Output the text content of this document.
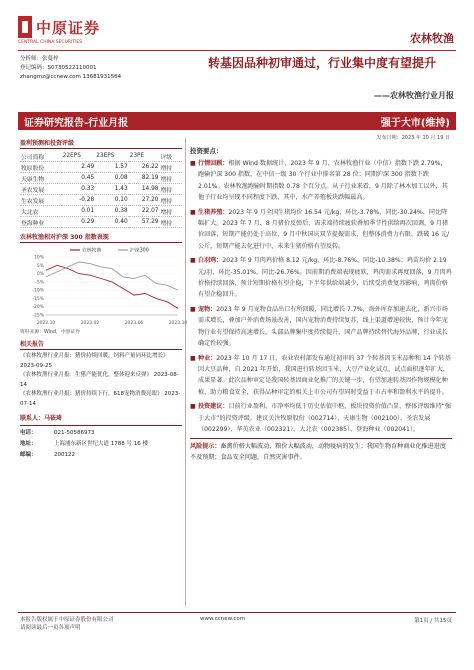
中原证券
CENTRAL CHINA SECURITIES	农林牧渔
分析师：张蔓梓
登记编码：S0730522110001
zhangmz@ccnew.com 13681931564
转基因品种初审通过，行业集中度有望提升
——农林牧渔行业月报
证券研究报告-行业月报	强于大市(维持)
发布日期：2023 年 10 月 19 日
盈利预测和投资评级
公司简称	22EPS	23EPS	23PE	评级
牧原股份	2.49	1.57	26.22	增持
天康生物	0.45	0.08	82.19	增持
圣农发展	0.33	1.43	14.98	增持
生农发展	-0.28	0.10	27.20	增持
大北农	0.01	0.38	22.07	增持
登海种业	0.29	0.40	57.29	增持
农林牧渔相对沪深 300 指数表现
10%
5%
0%
-5%
-10%
-15%
-20%
-25%
2022.10	2023.02	2023.06	2023.10
农林牧渔	沪深300
资料来源：Wind，中原证券
相关报告
《农林牧渔行业月报：猪价持续回暖，饲料产量同环比增长》 2023-09-25
《农林牧渔行业月报：生猪产能优化，整体迎来反弹》 2023-08-14
《农林牧渔行业月报：猪价持续下行，618宠物消费亮眼》 2023-07-14
联系人：马嵚琦
电话：	021-50586973
地址：	上海浦东新区世纪大道 1788 号 16 楼
邮编：	200122
投资要点：
■ 行情回顾：根据 Wind 数据统计，2023 年 9 月，农林牧渔行业（中信）指数下跌 2.79%，跑输沪深 300 指数，在中信一级 30 个行业中排名第 28 位；同期沪深 300 指数下跌 2.01%。农林牧渔跑输时期指数 0.78 个百分点。从子行业来看，9 月除了林木加工以外，其他子行业均呈现不同程度下跌，其中，水产养殖板块跌幅最高。
■ 生猪养殖：2023 年 9 月全国生猪均价 16.54 元/kg，环比-3.78%，同比-30.24%，同比降幅扩大。2023 年 7 月、8 月猪价反弹后，需求端持续疲软叠加季节性供给再次回调，9 月猪价回落，短期产能仍处于高位，9 月中秋国庆双节提振需求，但整体消费力有限，跌破 16 元/公斤，短期产能去化进行中，未来生猪价格有望反转。
■ 白羽鸡：2023 年 9 月肉鸡价格 8.12 元/kg，环比-8.76%，同比-10.38%；鸡苗均价 2.19 元/羽，环比-35.01%，同比-26.76%。因前期消费端表现疲软，鸡肉需求再度回落，9 月肉鸡价格持续回落，预计短期价格有望企稳，下半年供给端减少，后续受消费复苏影响，鸡肉价格有望企稳回升。
■ 宠物：2023 年 9 月宠物食品出口有所回暖，同比增长 7.7%，海外库存加速去化，新兴市场需求增长，叠加户外消费场景改善，国内宠物消费持续复苏，线上渠道增速较快，预计今年宠物行业有望保持高速增长，头部品牌集中度持续提升，国产品牌持续替代海外品牌，行业成长确定性较强。
■ 种业：2023 年 10 月 17 日，农业农村部发布通过初审的 37 个转基因玉米品种和 14 个转基因大豆品种，自 2021 年开始，我国进行转基因玉米、大豆产业化试点，试点面积逐年扩大，成果显著。此次品种审定是我国转基因商业化推广的关键一步，有望加速转基因作物规模化种植，助力粮食安全，获得品种审定的相关上市公司有望同时受益于市占率和盈利水平的提升。
■ 投资建议：目前行业盈利、市净率均低于历史估值中枢，板块投资价值凸显，整体评级维持“强于大市”的投资评级。建议关注牧原股份（002714）、天康生物（002100）、圣农发展（002299）、华英农业（002321）、大北农（002385）、登海种业（002041）。
风险提示：畜禽价格大幅波动，粮价大幅波动，动物疫病的发生；我国生物育种商业化推进进度不及预期；食品安全问题，自然灾害事件。
本报告版权属于中原证券股份有限公司
请阅读最后一页各项声明
www.ccnew.com	第1页 / 共15页
